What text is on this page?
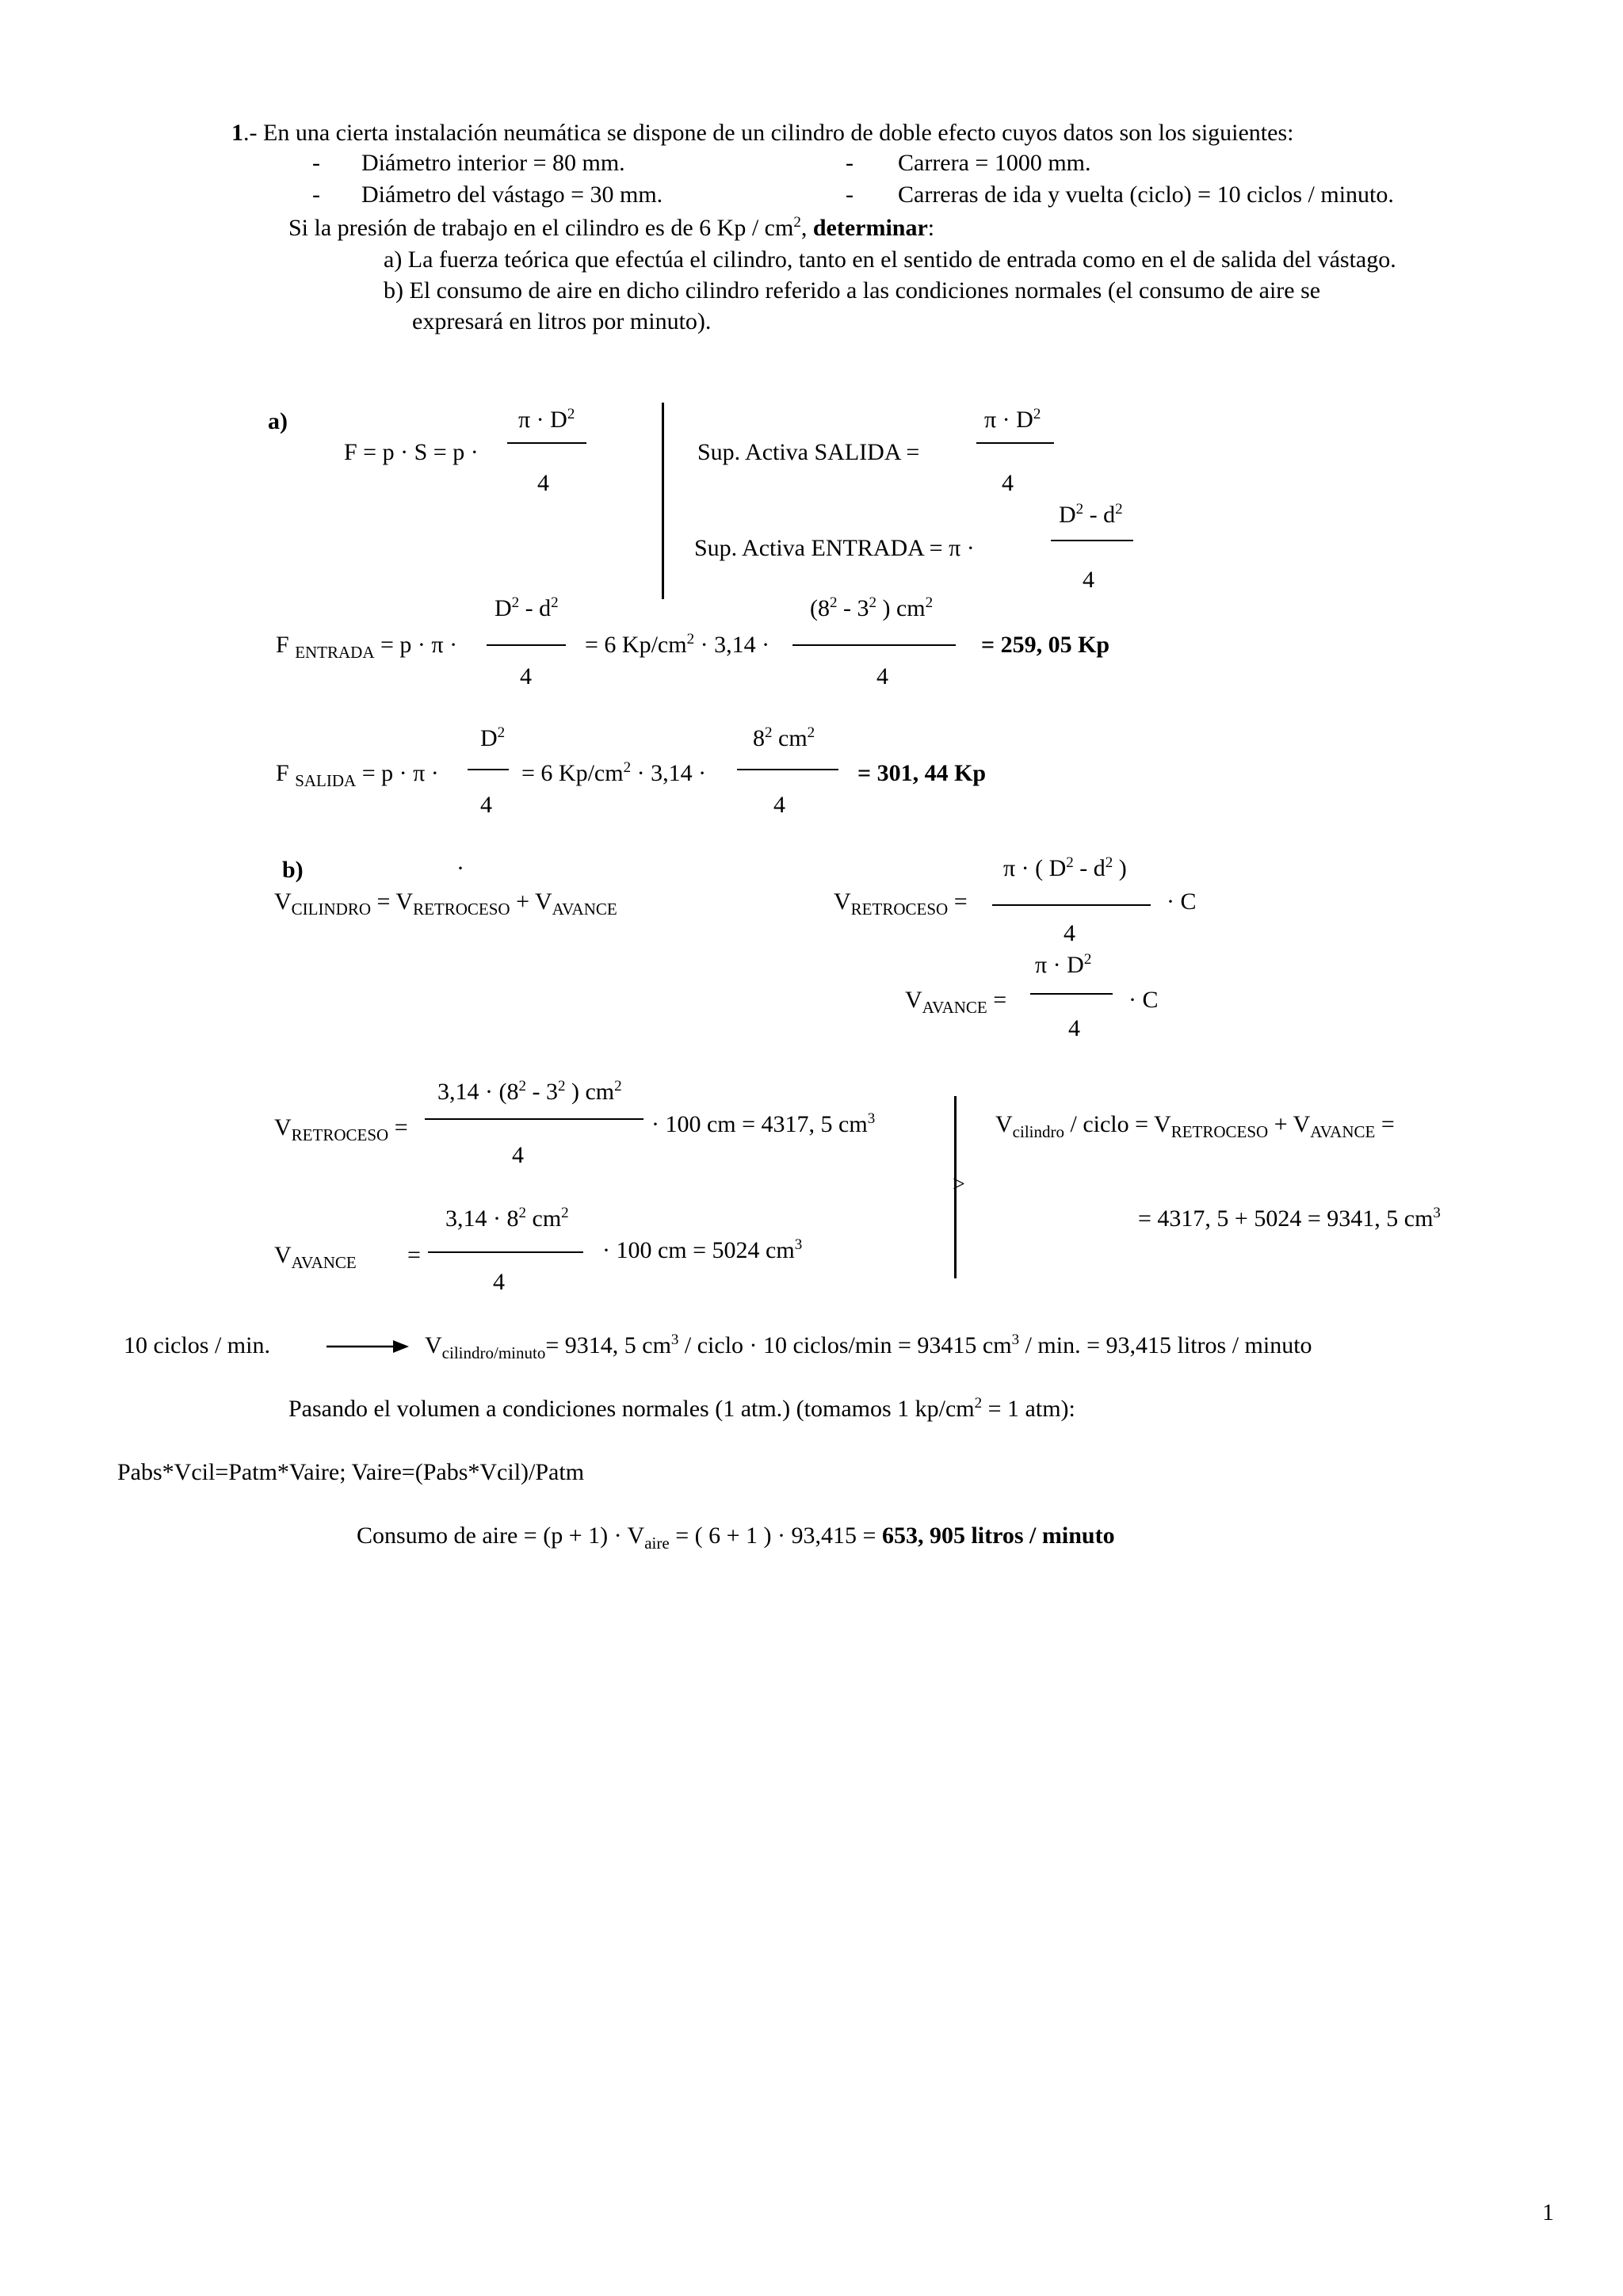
1.- En una cierta instalación neumática se dispone de un cilindro de doble efecto cuyos datos son los siguientes:
- Diámetro interior = 80 mm.	- Carrera = 1000 mm.
- Diámetro del vástago = 30 mm.	- Carreras de ida y vuelta (ciclo) = 10 ciclos / minuto.
Si la presión de trabajo en el cilindro es de 6 Kp / $cm^2$, determinar:
a) La fuerza teórica que efectúa el cilindro, tanto en el sentido de entrada como en el de salida del vástago.
b) El consumo de aire en dicho cilindro referido a las condiciones normales (el consumo de aire se
expresará en litros por minuto).
a)
F = p · S = p ·
$\pi \cdot D^2$
4
Sup. Activa SALIDA =
$\pi \cdot D^2$
4
Sup. Activa ENTRADA = π ·
$D^2 - d^2$
4
F $_{ENTRADA}$ = p · π ·
$D^2 - d^2$
4
= 6 $Kp/cm^2 \cdot 3,14$ ·
($8^2 - 3^2$ ) $cm^2$
4
= 259, 05 Kp
F $_{SALIDA}$ = p · π ·
$D^2$
4
= 6 $Kp/cm^2 \cdot 3,14$ ·
$8^2$ $cm^2$
4
= 301, 44 Kp
b)	·
$V_{CILINDRO} = V_{RETROCESO} + V_{AVANCE}$	$V_{RETROCESO}$ =
π · ( $D^2 - d^2$ )
4
· C
$V_{AVANCE}$ =
$\pi \cdot D^2$
4
· C
$V_{RETROCESO}$ =
$3,14 \cdot (8^2 - 3^2$ ) $cm^2$
4
· 100 cm = 4317, 5 $cm^3$
$V_{AVANCE}$ =
$3,14 \cdot 8^2$ $cm^2$
4
· 100 cm = 5024 $cm^3$
>
$V_{cilindro}$ / ciclo = $V_{RETROCESO} + V_{AVANCE}$ =
= 4317, 5 + 5024 = 9341, 5 $cm^3$
10 ciclos / min.	$V_{cilindro/minuto}= 9314$, 5 $cm^3$ / ciclo · 10 ciclos/min = 93415 $cm^3$ / min. = 93,415 litros / minuto
Pasando el volumen a condiciones normales (1 atm.) (tomamos 1 $kp/cm^2 = 1$ atm):
Pabs*Vcil=Patm*Vaire; Vaire=(Pabs*Vcil)/Patm
Consumo de aire = $(p + 1) \cdot V_{aire}$ = ( 6 + 1 ) · 93,415 = 653, 905 litros / minuto
1
